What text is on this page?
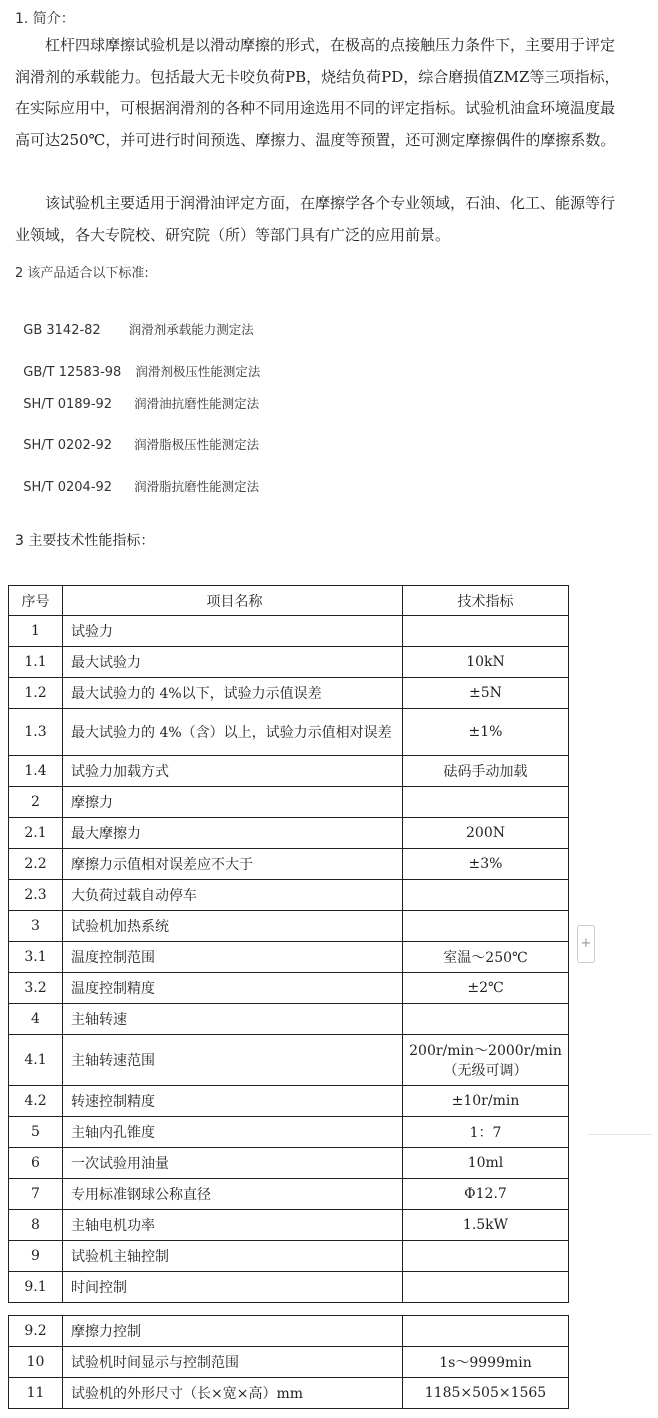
1. 简介：

杠杆四球摩擦试验机是以滑动摩擦的形式，在极高的点接触压力条件下，主要用于评定润滑剂的承载能力。包括最大无卡咬负荷PB，烧结负荷PD，综合磨损值ZMZ等三项指标，在实际应用中，可根据润滑剂的各种不同用途选用不同的评定指标。试验机油盒环境温度最高可达250℃，并可进行时间预选、摩擦力、温度等预置，还可测定摩擦偶件的摩擦系数。

该试验机主要适用于润滑油评定方面，在摩擦学各个专业领域，石油、化工、能源等行业领域，各大专院校、研究院（所）等部门具有广泛的应用前景。

2 该产品适合以下标准:

GB 3142-82 润滑剂承载能力测定法

GB/T 12583-98 润滑剂极压性能测定法

SH/T 0189-92 润滑油抗磨性能测定法

SH/T 0202-92 润滑脂极压性能测定法

SH/T 0204-92 润滑脂抗磨性能测定法

3 主要技术性能指标：
序号	项目名称	技术指标
1	试验力	
1.1	最大试验力	10kN
1.2	最大试验力的 4%以下，试验力示值误差	±5N
1.3	最大试验力的 4%（含）以上，试验力示值相对误差	±1%
1.4	试验力加载方式	砝码手动加载
2	摩擦力	
2.1	最大摩擦力	200N
2.2	摩擦力示值相对误差应不大于	±3%
2.3	大负荷过载自动停车	
3	试验机加热系统	
3.1	温度控制范围	室温～250℃
3.2	温度控制精度	±2℃
4	主轴转速	
4.1	主轴转速范围	200r/min～2000r/min（无级可调）
4.2	转速控制精度	±10r/min
5	主轴内孔锥度	1：7
6	一次试验用油量	10ml
7	专用标准钢球公称直径	Φ12.7
8	主轴电机功率	1.5kW
9	试验机主轴控制	
9.1	时间控制	
9.2	摩擦力控制	
10	试验机时间显示与控制范围	1s～9999min
11	试验机的外形尺寸（长×宽×高）mm	1185×505×1565
+
